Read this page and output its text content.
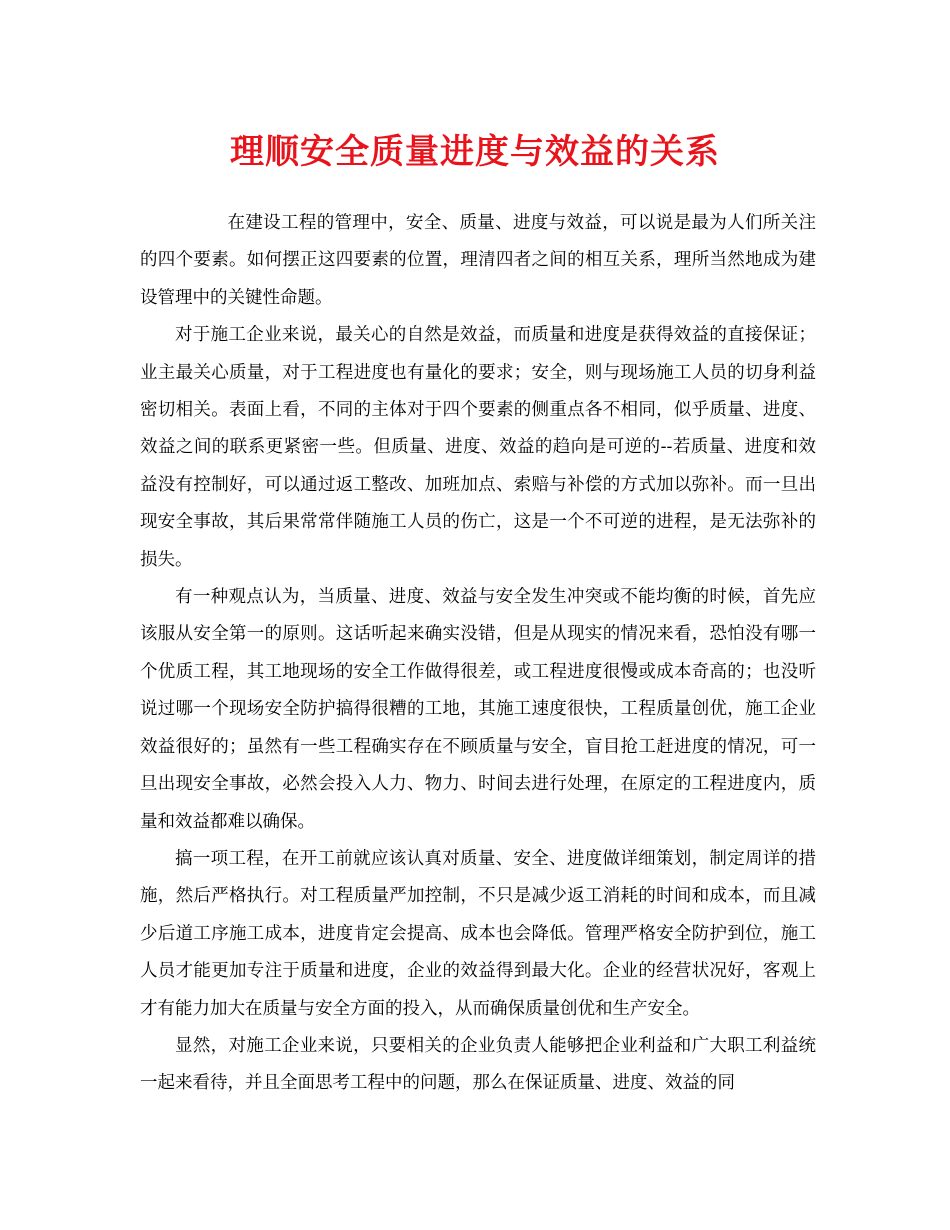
理顺安全质量进度与效益的关系

在建设工程的管理中，安全、质量、进度与效益，可以说是最为人们所关注的四个要素。如何摆正这四要素的位置，理清四者之间的相互关系，理所当然地成为建设管理中的关键性命题。

对于施工企业来说，最关心的自然是效益，而质量和进度是获得效益的直接保证；业主最关心质量，对于工程进度也有量化的要求；安全，则与现场施工人员的切身利益密切相关。表面上看，不同的主体对于四个要素的侧重点各不相同，似乎质量、进度、效益之间的联系更紧密一些。但质量、进度、效益的趋向是可逆的--若质量、进度和效益没有控制好，可以通过返工整改、加班加点、索赔与补偿的方式加以弥补。而一旦出现安全事故，其后果常常伴随施工人员的伤亡，这是一个不可逆的进程，是无法弥补的损失。

有一种观点认为，当质量、进度、效益与安全发生冲突或不能均衡的时候，首先应该服从安全第一的原则。这话听起来确实没错，但是从现实的情况来看，恐怕没有哪一个优质工程，其工地现场的安全工作做得很差，或工程进度很慢或成本奇高的；也没听说过哪一个现场安全防护搞得很糟的工地，其施工速度很快，工程质量创优，施工企业效益很好的；虽然有一些工程确实存在不顾质量与安全，盲目抢工赶进度的情况，可一旦出现安全事故，必然会投入人力、物力、时间去进行处理，在原定的工程进度内，质量和效益都难以确保。

搞一项工程，在开工前就应该认真对质量、安全、进度做详细策划，制定周详的措施，然后严格执行。对工程质量严加控制，不只是减少返工消耗的时间和成本，而且减少后道工序施工成本，进度肯定会提高、成本也会降低。管理严格安全防护到位，施工人员才能更加专注于质量和进度，企业的效益得到最大化。企业的经营状况好，客观上才有能力加大在质量与安全方面的投入，从而确保质量创优和生产安全。

显然，对施工企业来说，只要相关的企业负责人能够把企业利益和广大职工利益统一起来看待，并且全面思考工程中的问题，那么在保证质量、进度、效益的同
